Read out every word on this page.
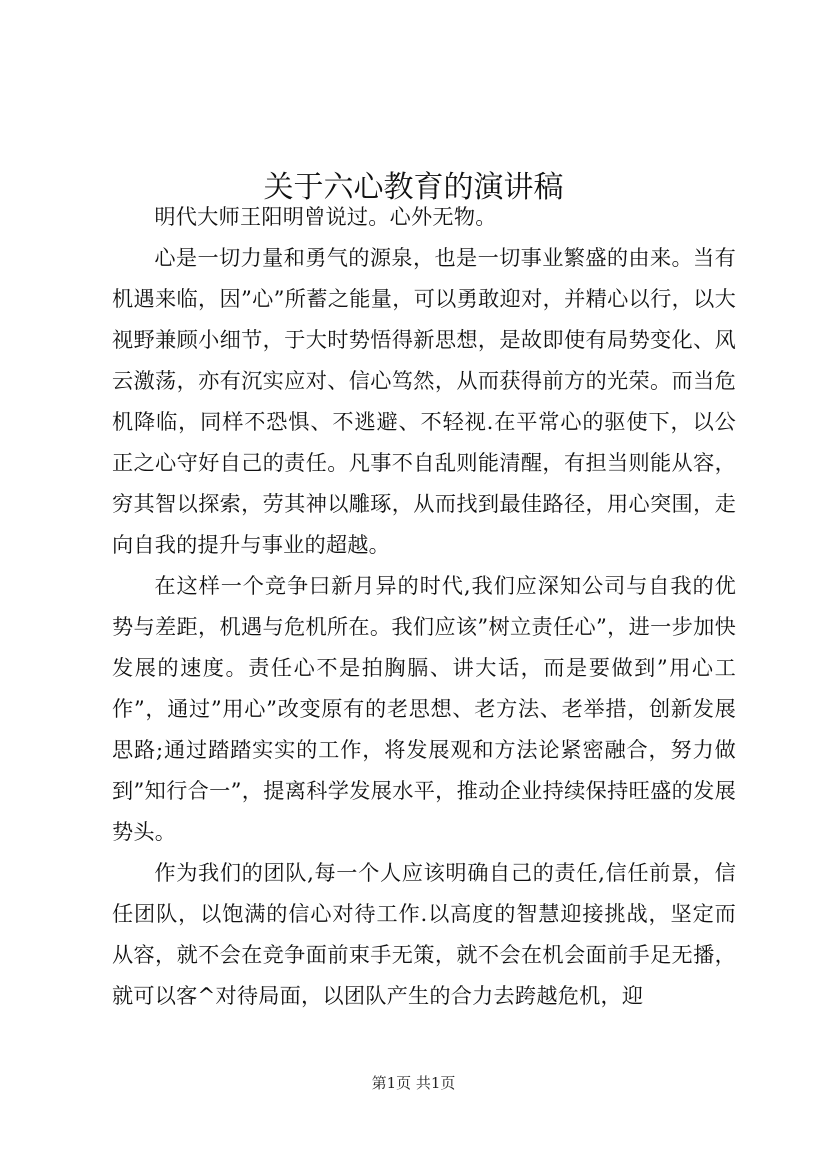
关于六心教育的演讲稿

明代大师王阳明曾说过。心外无物。

心是一切力量和勇气的源泉，也是一切事业繁盛的由来。当有机遇来临，因”心”所蓄之能量，可以勇敢迎对，并精心以行，以大视野兼顾小细节，于大时势悟得新思想，是故即使有局势变化、风云激荡，亦有沉实应对、信心笃然，从而获得前方的光荣。而当危机降临，同样不恐惧、不逃避、不轻视.在平常心的驱使下，以公正之心守好自己的责任。凡事不自乱则能清醒，有担当则能从容，穷其智以探索，劳其神以雕琢，从而找到最佳路径，用心突围，走向自我的提升与事业的超越。

在这样一个竞争曰新月异的时代,我们应深知公司与自我的优势与差距，机遇与危机所在。我们应该”树立责任心”，进一步加快发展的速度。责任心不是拍胸膈、讲大话，而是要做到”用心工作”，通过”用心”改变原有的老思想、老方法、老举措，创新发展思路;通过踏踏实实的工作，将发展观和方法论紧密融合，努力做到”知行合一”，提离科学发展水平，推动企业持续保持旺盛的发展势头。

作为我们的团队,每一个人应该明确自己的责任,信任前景，信任团队，以饱满的信心对待工作.以高度的智慧迎接挑战，坚定而从容，就不会在竞争面前束手无策，就不会在机会面前手足无播，就可以客^对待局面，以团队产生的合力去跨越危机，迎

第1页 共1页
